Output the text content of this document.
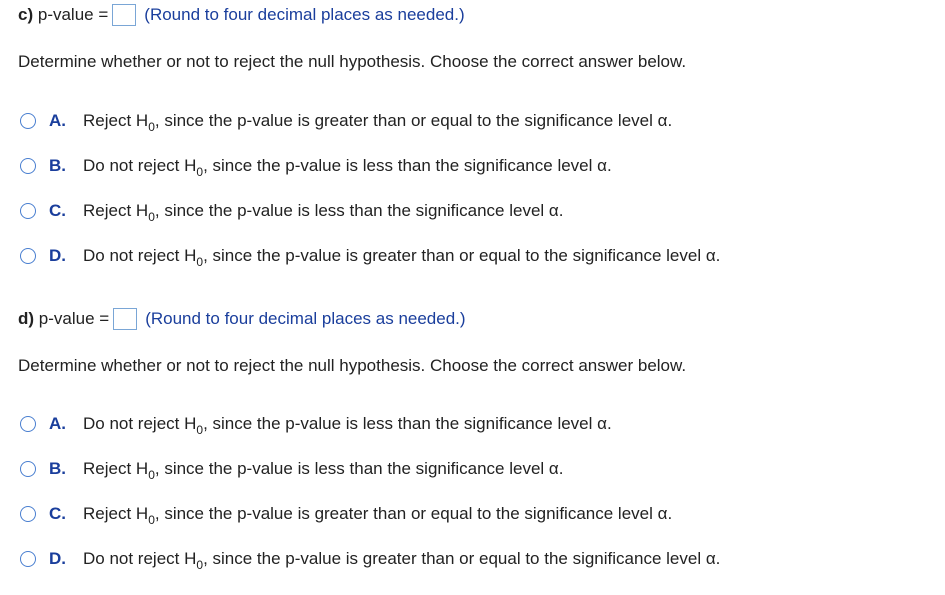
c)
p-value = (Round to four decimal places as needed.)
Determine whether or not to reject the null hypothesis. Choose the correct answer below.
A.	Reject H 0 , since the p-value is greater than or equal to the significance level α.
B.	Do not reject H 0 , since the p-value is less than the significance level α.
C.	Reject H 0 , since the p-value is less than the significance level α.
D.	Do not reject H 0 , since the p-value is greater than or equal to the significance level α.
d)
p-value = (Round to four decimal places as needed.)
Determine whether or not to reject the null hypothesis. Choose the correct answer below.
A.	Do not reject H 0 , since the p-value is less than the significance level α.
B.	Reject H 0 , since the p-value is less than the significance level α.
C.	Reject H 0 , since the p-value is greater than or equal to the significance level α.
D.	Do not reject H 0 , since the p-value is greater than or equal to the significance level α.
